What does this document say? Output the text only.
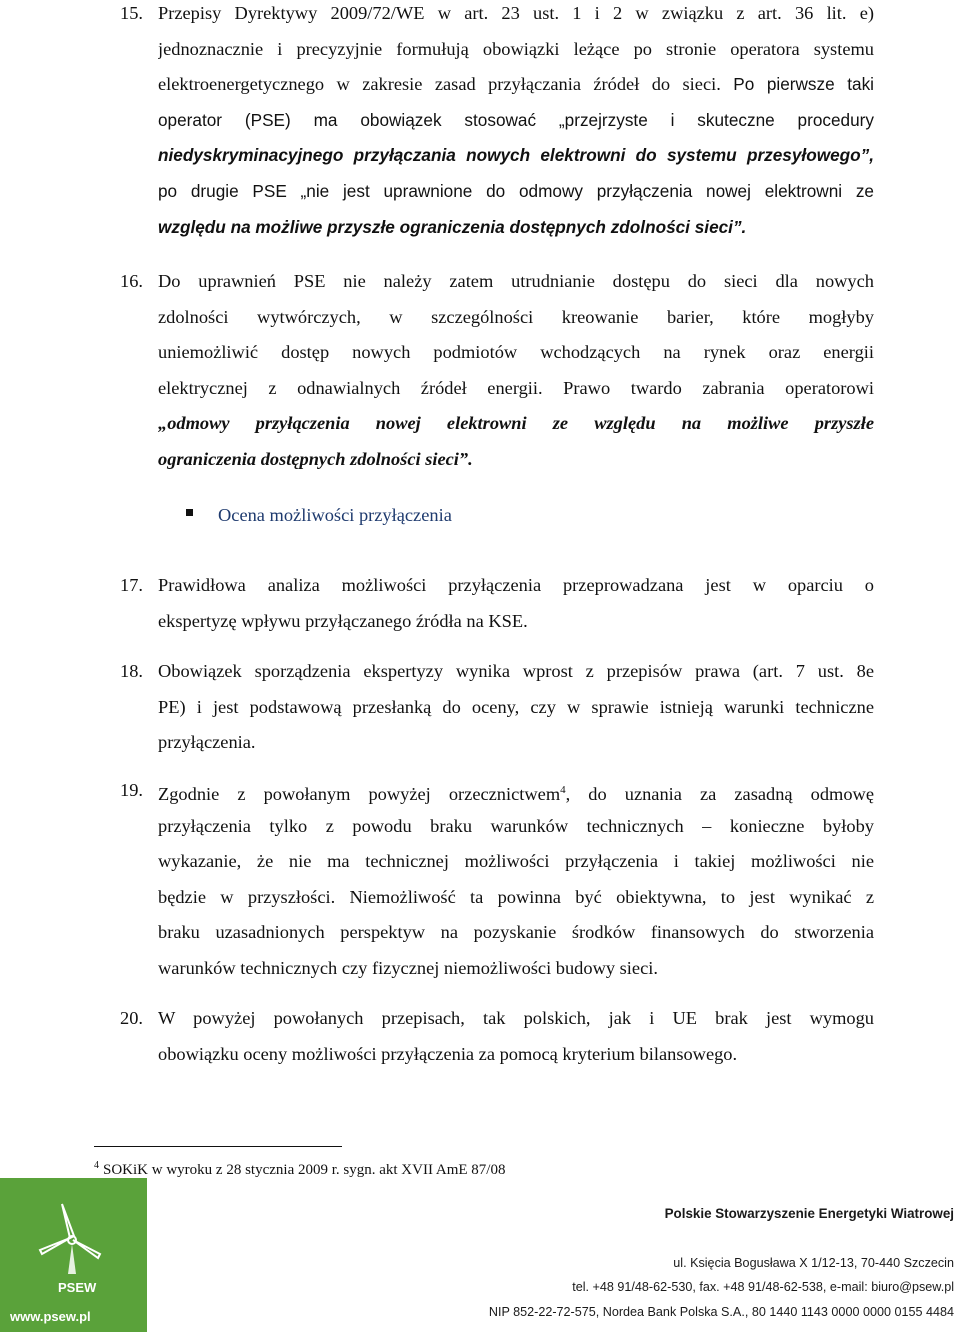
15. Przepisy Dyrektywy 2009/72/WE w art. 23 ust. 1 i 2 w związku z art. 36 lit. e)
jednoznacznie i precyzyjnie formułują obowiązki leżące po stronie operatora systemu
elektroenergetycznego w zakresie zasad przyłączania źródeł do sieci. Po pierwsze taki
operator (PSE) ma obowiązek stosować „przejrzyste i skuteczne procedury
niedyskryminacyjnego przyłączania nowych elektrowni do systemu przesyłowego”,
po drugie PSE „nie jest uprawnione do odmowy przyłączenia nowej elektrowni ze
względu na możliwe przyszłe ograniczenia dostępnych zdolności sieci”.
16. Do uprawnień PSE nie należy zatem utrudnianie dostępu do sieci dla nowych
zdolności wytwórczych, w szczególności kreowanie barier, które mogłyby
uniemożliwić dostęp nowych podmiotów wchodzących na rynek oraz energii
elektrycznej z odnawialnych źródeł energii. Prawo twardo zabrania operatorowi
„odmowy przyłączenia nowej elektrowni ze względu na możliwe przyszłe
ograniczenia dostępnych zdolności sieci”.
Ocena możliwości przyłączenia
17. Prawidłowa analiza możliwości przyłączenia przeprowadzana jest w oparciu o
ekspertyzę wpływu przyłączanego źródła na KSE.
18. Obowiązek sporządzenia ekspertyzy wynika wprost z przepisów prawa (art. 7 ust. 8e
PE) i jest podstawową przesłanką do oceny, czy w sprawie istnieją warunki techniczne
przyłączenia.
19. Zgodnie z powołanym powyżej orzecznictwem$^4$, do uznania za zasadną odmowę
przyłączenia tylko z powodu braku warunków technicznych – konieczne byłoby
wykazanie, że nie ma technicznej możliwości przyłączenia i takiej możliwości nie
będzie w przyszłości. Niemożliwość ta powinna być obiektywna, to jest wynikać z
braku uzasadnionych perspektyw na pozyskanie środków finansowych do stworzenia
warunków technicznych czy fizycznej niemożliwości budowy sieci.
20. W powyżej powołanych przepisach, tak polskich, jak i UE brak jest wymogu
obowiązku oceny możliwości przyłączenia za pomocą kryterium bilansowego.
$^4$ SOKiK w wyroku z 28 stycznia 2009 r. sygn. akt XVII AmE 87/08
PSEW
www.psew.pl
Polskie Stowarzyszenie Energetyki Wiatrowej
ul. Księcia Bogusława X 1/12-13, 70-440 Szczecin
tel. +48 91/48-62-530, fax. +48 91/48-62-538, e-mail: biuro@psew.pl
NIP 852-22-72-575, Nordea Bank Polska S.A., 80 1440 1143 0000 0000 0155 4484
